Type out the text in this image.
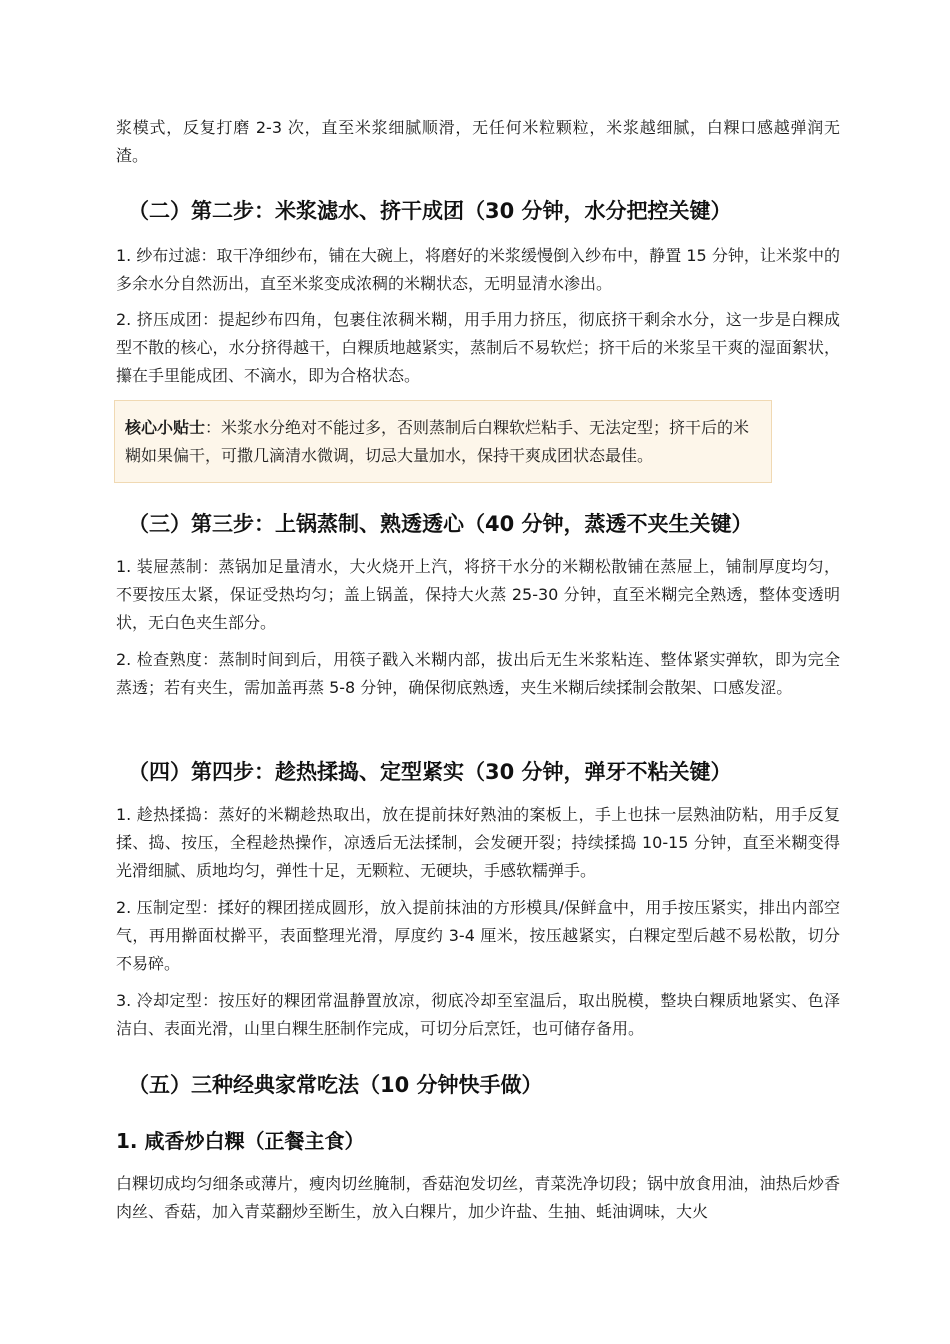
浆模式，反复打磨 2-3 次，直至米浆细腻顺滑，无任何米粒颗粒，米浆越细腻，白粿口感越弹润无渣。

（二）第二步：米浆滤水、挤干成团（30 分钟，水分把控关键）

1. 纱布过滤：取干净细纱布，铺在大碗上，将磨好的米浆缓慢倒入纱布中，静置 15 分钟，让米浆中的多余水分自然沥出，直至米浆变成浓稠的米糊状态，无明显清水渗出。

2. 挤压成团：提起纱布四角，包裹住浓稠米糊，用手用力挤压，彻底挤干剩余水分，这一步是白粿成型不散的核心，水分挤得越干，白粿质地越紧实，蒸制后不易软烂；挤干后的米浆呈干爽的湿面絮状，攥在手里能成团、不滴水，即为合格状态。

核心小贴士：米浆水分绝对不能过多，否则蒸制后白粿软烂粘手、无法定型；挤干后的米糊如果偏干，可撒几滴清水微调，切忌大量加水，保持干爽成团状态最佳。
（三）第三步：上锅蒸制、熟透透心（40 分钟，蒸透不夹生关键）

1. 装屉蒸制：蒸锅加足量清水，大火烧开上汽，将挤干水分的米糊松散铺在蒸屉上，铺制厚度均匀，不要按压太紧，保证受热均匀；盖上锅盖，保持大火蒸 25-30 分钟，直至米糊完全熟透，整体变透明状，无白色夹生部分。

2. 检查熟度：蒸制时间到后，用筷子戳入米糊内部，拔出后无生米浆粘连、整体紧实弹软，即为完全蒸透；若有夹生，需加盖再蒸 5-8 分钟，确保彻底熟透，夹生米糊后续揉制会散架、口感发涩。

（四）第四步：趁热揉捣、定型紧实（30 分钟，弹牙不粘关键）

1. 趁热揉捣：蒸好的米糊趁热取出，放在提前抹好熟油的案板上，手上也抹一层熟油防粘，用手反复揉、捣、按压，全程趁热操作，凉透后无法揉制，会发硬开裂；持续揉捣 10-15 分钟，直至米糊变得光滑细腻、质地均匀，弹性十足，无颗粒、无硬块，手感软糯弹手。

2. 压制定型：揉好的粿团搓成圆形，放入提前抹油的方形模具/保鲜盒中，用手按压紧实，排出内部空气，再用擀面杖擀平，表面整理光滑，厚度约 3-4 厘米，按压越紧实，白粿定型后越不易松散，切分不易碎。

3. 冷却定型：按压好的粿团常温静置放凉，彻底冷却至室温后，取出脱模，整块白粿质地紧实、色泽洁白、表面光滑，山里白粿生胚制作完成，可切分后烹饪，也可储存备用。

（五）三种经典家常吃法（10 分钟快手做）
1. 咸香炒白粿（正餐主食）

白粿切成均匀细条或薄片，瘦肉切丝腌制，香菇泡发切丝，青菜洗净切段；锅中放食用油，油热后炒香肉丝、香菇，加入青菜翻炒至断生，放入白粿片，加少许盐、生抽、蚝油调味，大火
